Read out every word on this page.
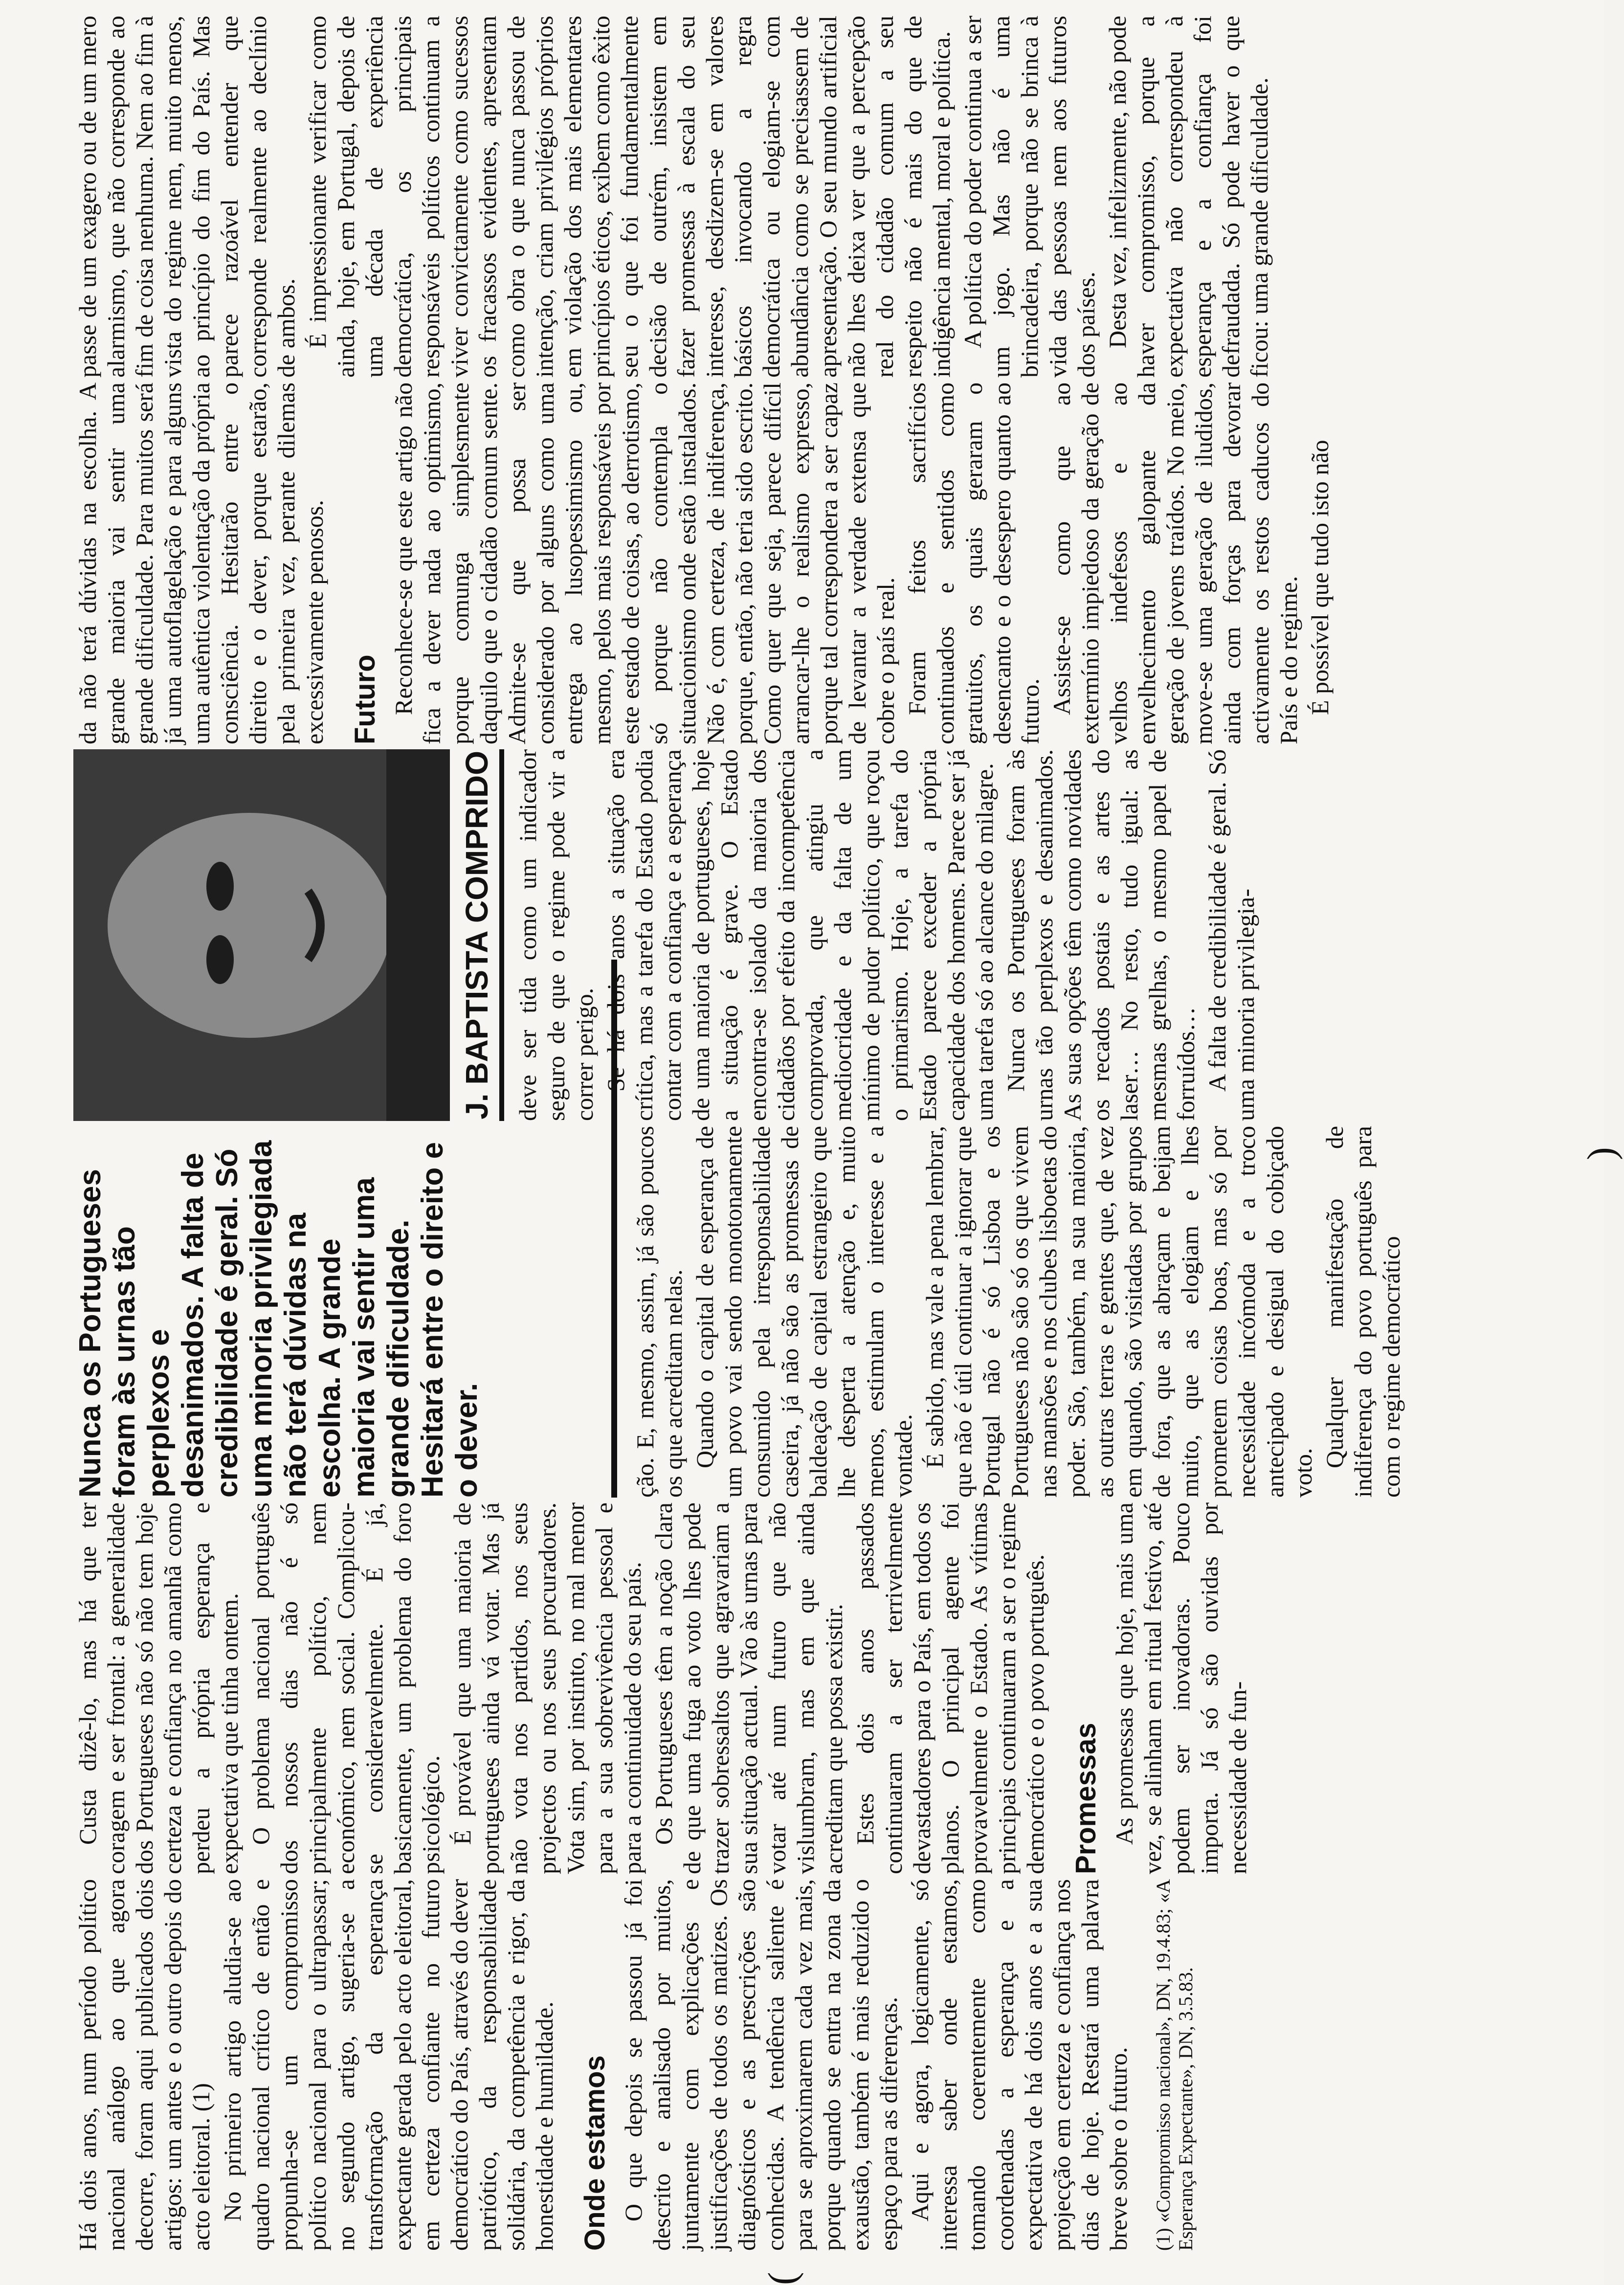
Há dois anos, num período político nacional análogo ao que agora decorre, foram aqui publicados dois artigos: um antes e o outro depois do acto eleitoral. (1) No primeiro artigo aludia-se ao quadro nacional crítico de então e propunha-se um compromisso político nacional para o ultrapassar; no segundo artigo, sugeria-se a transformação da esperança expectante gerada pelo acto eleitoral, em certeza confiante no futuro democrático do País, através do dever patriótico, da responsabilidade solidária, da competência e rigor, da honestidade e humildade. Onde estamos O que depois se passou já foi descrito e analisado por muitos, juntamente com explicações e justificações de todos os matizes. Os diagnósticos e as prescrições são conhecidas. A tendência saliente é para se aproximarem cada vez mais, porque quando se entra na zona da exaustão, também é mais reduzido o espaço para as diferenças. Aqui e agora, logicamente, só interessa saber onde estamos, tomando coerentemente como coordenadas a esperança e a expectativa de há dois anos e a sua projecção em certeza e confiança nos dias de hoje. Restará uma palavra breve sobre o futuro. (1) «Compromisso nacional», DN, 19.4.83; «A Esperança Expectante», DN, 3.5.83.

Custa dizê-lo, mas há que ter coragem e ser frontal: a generalidade dos Portugueses não só não tem hoje certeza e confiança no amanhã como perdeu a própria esperança e expectativa que tinha ontem. O problema nacional português dos nossos dias não é só principalmente político, nem económico, nem social. Complicou-se consideravelmente. É já, basicamente, um problema do foro psicológico. É provável que uma maioria de portugueses ainda vá votar. Mas já não vota nos partidos, nos seus projectos ou nos seus procuradores. Vota sim, por instinto, no mal menor para a sua sobrevivência pessoal e para a continuidade do seu país. Os Portugueses têm a noção clara de que uma fuga ao voto lhes pode trazer sobressaltos que agravariam a sua situação actual. Vão às urnas para votar até num futuro que não vislumbram, mas em que ainda acreditam que possa existir. Estes dois anos passados continuaram a ser terrivelmente devastadores para o País, em todos os planos. O principal agente foi provavelmente o Estado. As vítimas principais continuaram a ser o regime democrático e o povo português. Promessas As promessas que hoje, mais uma vez, se alinham em ritual festivo, até podem ser inovadoras. Pouco importa. Já só são ouvidas por necessidade de fun-

Nunca os Portugueses foram às urnas tão perplexos e desanimados. A falta de credibilidade é geral. Só uma minoria privilegiada não terá dúvidas na escolha. A grande maioria vai sentir uma grande dificuldade. Hesitará entre o direito e o dever.
J. BAPTISTA COMPRIDO

ção. E, mesmo, assim, já são poucos os que acreditam nelas. Quando o capital de esperança de um povo vai sendo monotonamente consumido pela irresponsabilidade caseira, já não são as promessas de baldeação de capital estrangeiro que lhe desperta a atenção e, muito menos, estimulam o interesse e a vontade. É sabido, mas vale a pena lembrar, que não é útil continuar a ignorar que Portugal não é só Lisboa e os Portugueses não são só os que vivem nas mansões e nos clubes lisboetas do poder. São, também, na sua maioria, as outras terras e gentes que, de vez em quando, são visitadas por grupos de fora, que as abraçam e beijam muito, que as elogiam e lhes prometem coisas boas, mas só por necessidade incómoda e a troco antecipado e desigual do cobiçado voto.

Qualquer manifestação de indiferença do povo português para com o regime democrático

deve ser tida como um indicador seguro de que o regime pode vir a correr perigo. Se há dois anos a situação era crítica, mas a tarefa do Estado podia contar com a confiança e a esperança de uma maioria de portugueses, hoje a situação é grave. O Estado encontra-se isolado da maioria dos cidadãos por efeito da incompetência comprovada, que atingiu a mediocridade e da falta de um mínimo de pudor político, que roçou o primarismo. Hoje, a tarefa do Estado parece exceder a própria capacidade dos homens. Parece ser já uma tarefa só ao alcance do milagre. Nunca os Portugueses foram às urnas tão perplexos e desanimados. As suas opções têm como novidades os recados postais e as artes do laser… No resto, tudo igual: as mesmas grelhas, o mesmo papel de forruídos… A falta de credibilidade é geral. Só uma minoria privilegia-

da não terá dúvidas na escolha. A grande maioria vai sentir uma grande dificuldade. Para muitos será já uma autoflagelação e para alguns uma autêntica violentação da própria consciência. Hesitarão entre o direito e o dever, porque estarão, pela primeira vez, perante dilemas excessivamente penosos. Futuro Reconhece-se que este artigo não fica a dever nada ao optimismo, porque comunga simplesmente daquilo que o cidadão comum sente. Admite-se que possa ser considerado por alguns como uma entrega ao lusopessimismo ou, mesmo, pelos mais responsáveis por este estado de coisas, ao derrotismo, só porque não contempla o situacionismo onde estão instalados. Não é, com certeza, de indiferença, porque, então, não teria sido escrito. Como quer que seja, parece difícil arrancar-lhe o realismo expresso, porque tal correspondera a ser capaz de levantar a verdade extensa que cobre o país real. Foram feitos sacrifícios continuados e sentidos como gratuitos, os quais geraram o desencanto e o desespero quanto ao futuro. Assiste-se como que ao extermínio impiedoso da geração de velhos indefesos e ao envelhecimento galopante da geração de jovens traídos. No meio, move-se uma geração de iludidos, ainda com forças para devorar activamente os restos caducos do País e do regime. É possível que tudo isto não

passe de um exagero ou de um mero alarmismo, que não corresponde ao fim de coisa nenhuma. Nem ao fim à vista do regime nem, muito menos, ao princípio do fim do País. Mas parece razoável entender que corresponde realmente ao declínio de ambos. É impressionante verificar como ainda, hoje, em Portugal, depois de uma década de experiência democrática, os principais responsáveis políticos continuam a viver convictamente como sucessos os fracassos evidentes, apresentam como obra o que nunca passou de intenção, criam privilégios próprios em violação dos mais elementares princípios éticos, exibem como êxito seu o que foi fundamentalmente decisão de outrém, insistem em fazer promessas à escala do seu interesse, desdizem-se em valores básicos invocando a regra democrática ou elogiam-se com abundância como se precisassem de apresentação. O seu mundo artificial não lhes deixa ver que a percepção real do cidadão comum a seu respeito não é mais do que de indigência mental, moral e política. A política do poder continua a ser um jogo. Mas não é uma brincadeira, porque não se brinca à vida das pessoas nem aos futuros dos países. Desta vez, infelizmente, não pode haver compromisso, porque a expectativa não correspondeu à esperança e a confiança foi defraudada. Só pode haver o que ficou: uma grande dificuldade.

(
)
